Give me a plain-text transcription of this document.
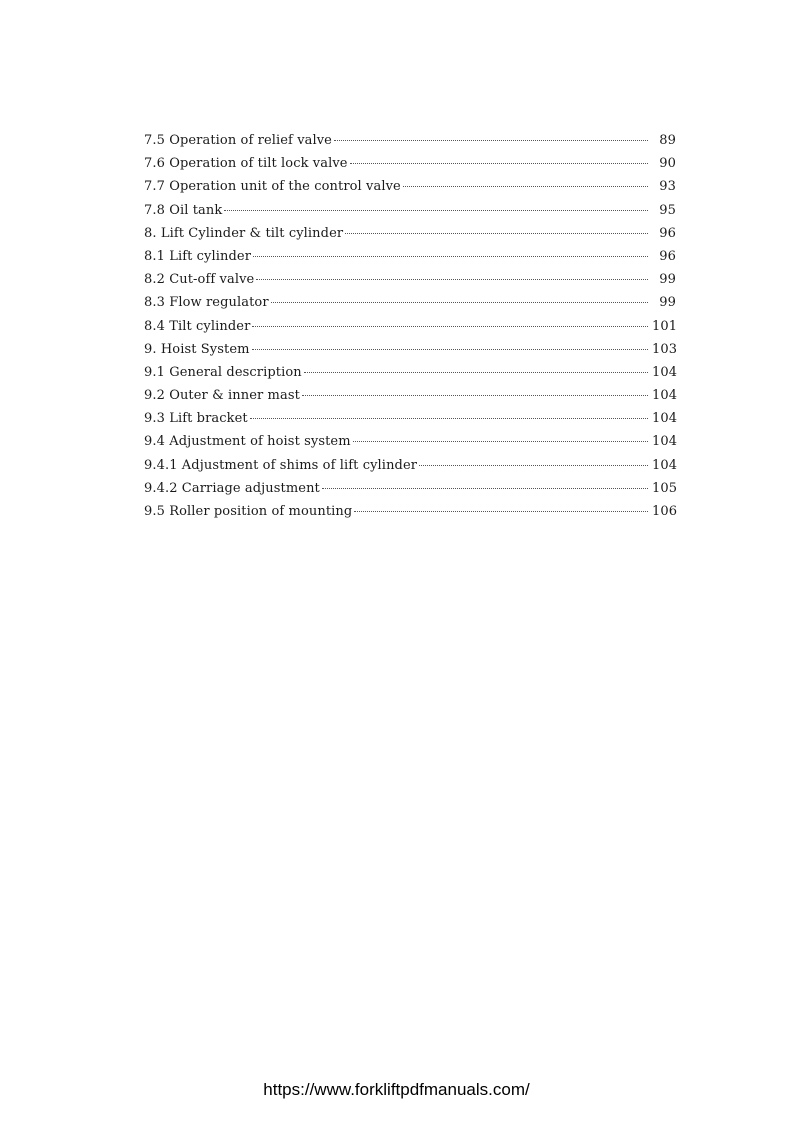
7.5 Operation of relief valve	89
7.6 Operation of tilt lock valve	90
7.7 Operation unit of the control valve	93
7.8 Oil tank	95
8. Lift Cylinder & tilt cylinder	96
8.1 Lift cylinder	96
8.2 Cut-off valve	99
8.3 Flow regulator	99
8.4 Tilt cylinder	101
9. Hoist System	103
9.1 General description	104
9.2 Outer & inner mast	104
9.3 Lift bracket	104
9.4 Adjustment of hoist system	104
9.4.1 Adjustment of shims of lift cylinder	104
9.4.2 Carriage adjustment	105
9.5 Roller position of mounting	106
https://www.forkliftpdfmanuals.com/
